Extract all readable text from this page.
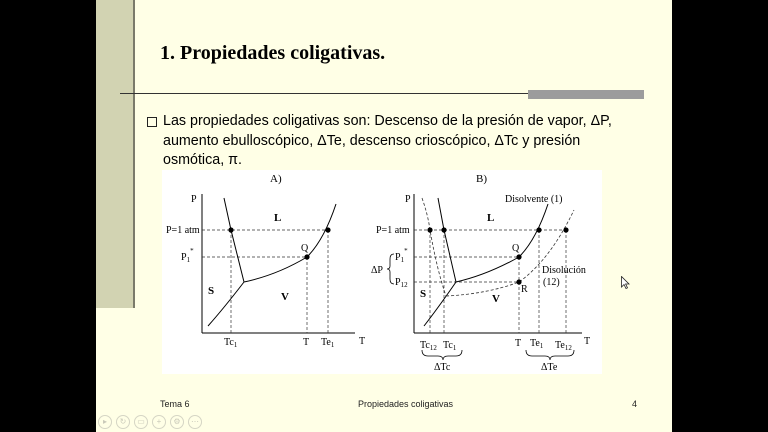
1. Propiedades coligativas.
Las propiedades coligativas son: Descenso de la presión de vapor, ΔP, aumento ebulloscópico, ΔTe, descenso crioscópico, ΔTc y presión osmótica, π.
A)
P
T
P=1 atm
$P_1^*$
L
S	V
Q
$Tc_1$	T $Te_1$
B)
Disolvente (1)
Disolución
(12)
P
T
P=1 atm
ΔP
$P_1^*$
$P_{12}$
L
S	V
Q
R
$Tc_{12}$ $Tc_1$	T $Te_1$ $Te_{12}$
ΔTc	ΔTe
Tema 6	Propiedades coligativas	4
▸	↻	▭	+	⚙	⋯
